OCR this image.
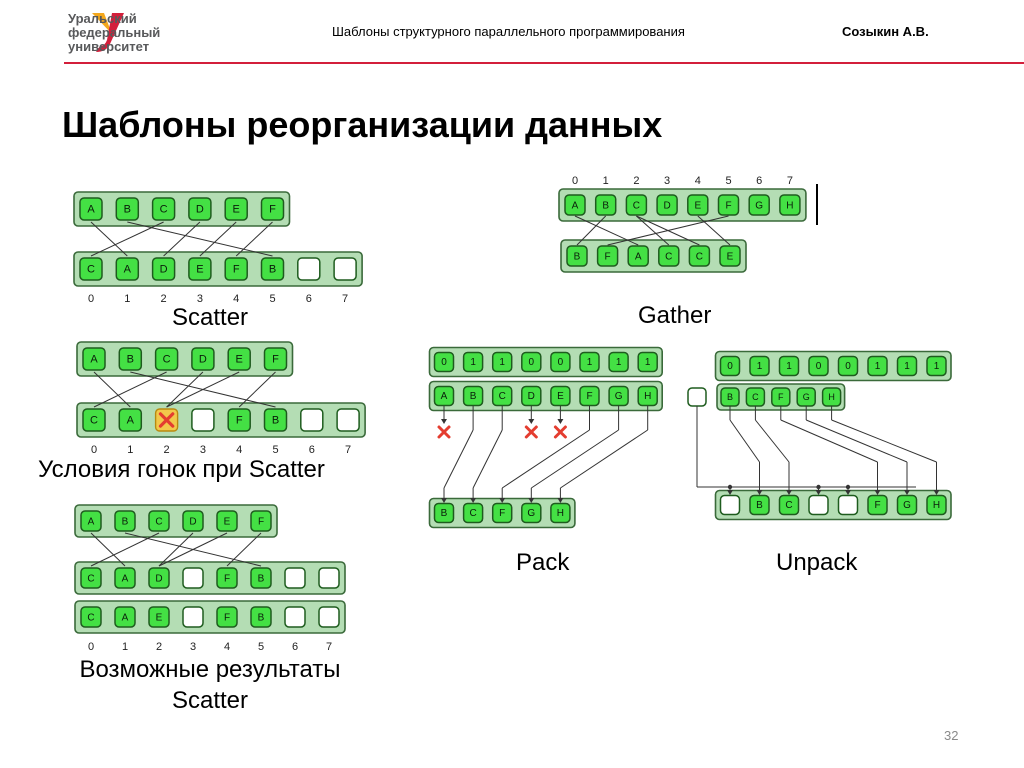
Уральский
федеральный
университет
Шаблоны структурного параллельного программирования	Созыкин А.В.
Шаблоны реорганизации данных
A	B	C	D	E	F
C	A	D	E	F	B
0	1	2	3	4	5	6	7
0 1 2 3 4 5 6 7
A B C D E F G H
B F A C C E
A	B	C	D	E	F
C	A	F	B
0	1	2	3	4	5	6	7
A	B	C	D	E	F
C	A	D	F	B
C	A	E	F	B
0	1	2	3	4	5	6	7
0 1 1 0 0 1 1 1
A B C D E F G H
B C F G H
0 1 1 0 0 1 1 1
B C F G H
B C	F G H
Scatter	Gather
Условия гонок при Scatter
Pack	Unpack
Возможные результаты
Scatter
32
